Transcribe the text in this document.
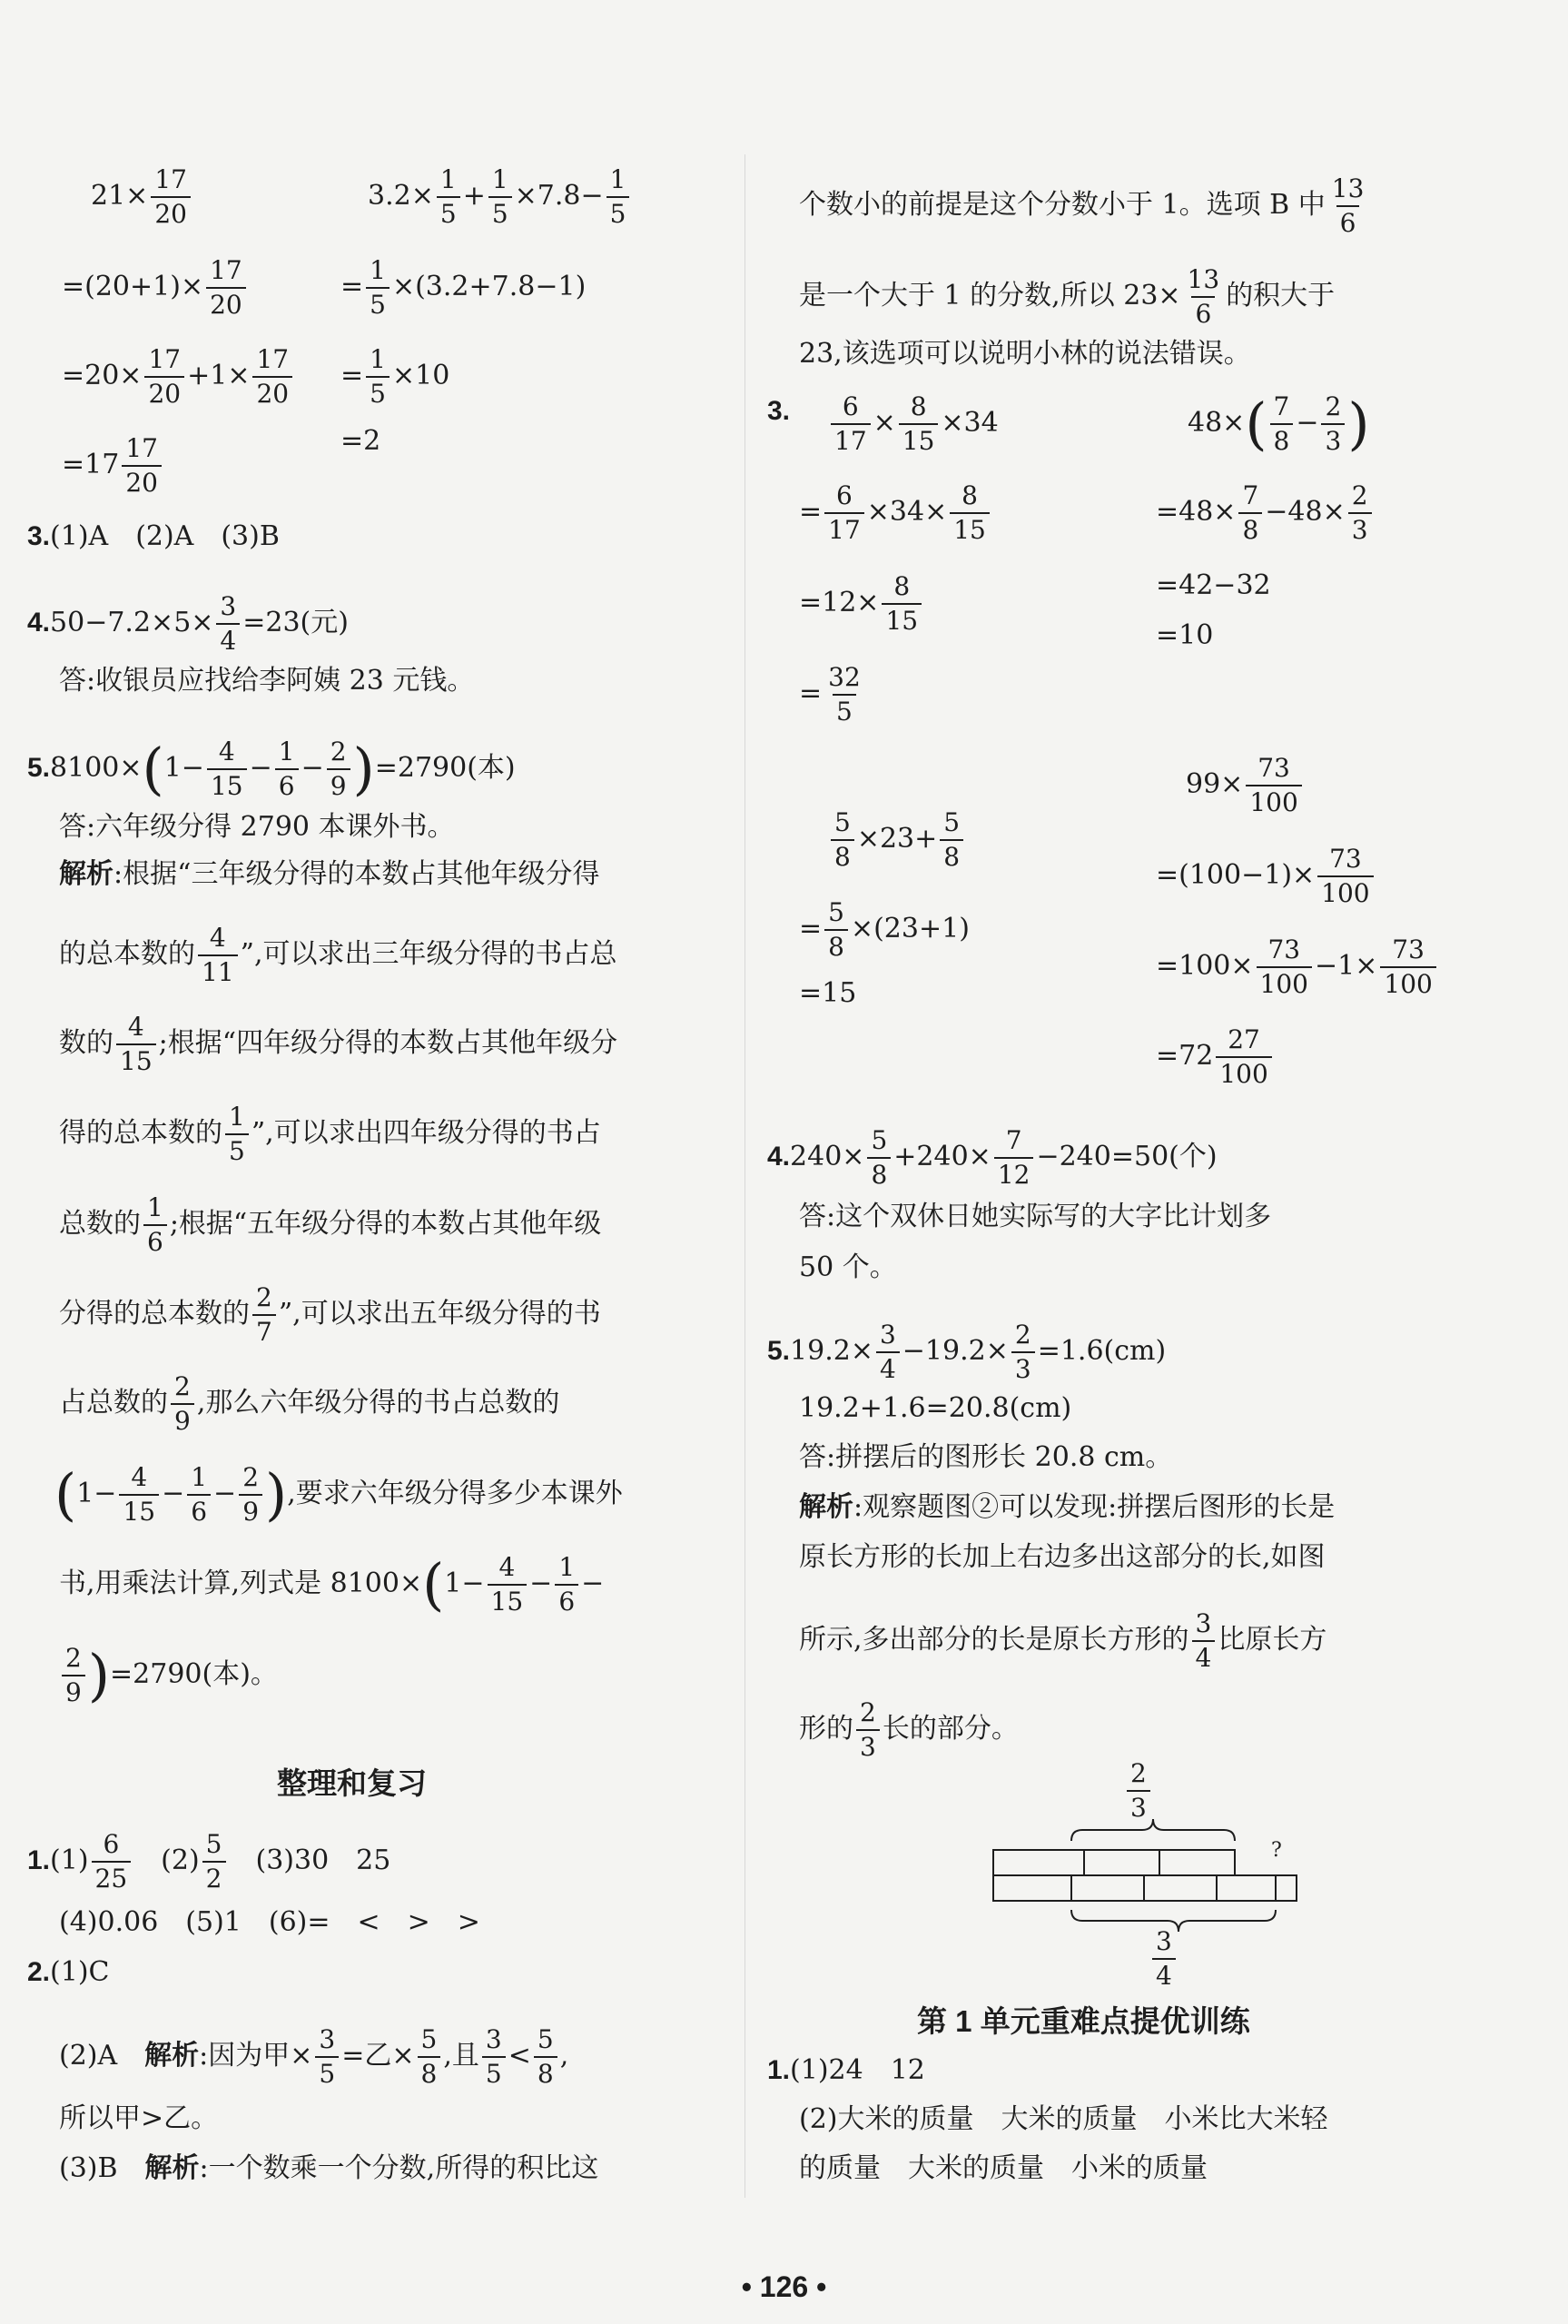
$21\times \frac{17}{20}$
$=(20+1)\times \frac{17}{20}$
$=20\times \frac{17}{20} +1\times \frac{17}{20}$
$=17 \frac{17}{20}$
$3.2\times \frac{1}{5} + \frac{1}{5} \times 7.8- \frac{1}{5}$
= $\frac{1}{5} \times(3.2+7.8-1)$
= $\frac{1}{5} \times 10$
=2
3.(1)A　(2)A　(3)B
$4.50-7.2\times 5\times \frac{3}{4} =23$(元)
答:收银员应找给李阿姨 23 元钱。
$5.8100\times(1- \frac{4}{15} - \frac{1}{6} - \frac{2}{9} )=2790$(本)
答:六年级分得 2790 本课外书。
解析:根据“三年级分得的本数占其他年级分得
的总本数的 $\frac{4}{11}$ ”,可以求出三年级分得的书占总
数的 $\frac{4}{15}$ ;根据“四年级分得的本数占其他年级分
得的总本数的 $\frac{1}{5}$ ”,可以求出四年级分得的书占
总数的 $\frac{1}{6}$ ;根据“五年级分得的本数占其他年级
分得的总本数的 $\frac{2}{7}$ ”,可以求出五年级分得的书
占总数的 $\frac{2}{9}$ ,那么六年级分得的书占总数的
($1- \frac{4}{15} - \frac{1}{6} - \frac{2}{9}$ ),要求六年级分得多少本课外
书,用乘法计算,列式是 $8100\times(1- \frac{4}{15} - \frac{1}{6}$ −
$\frac{2}{9} )=2790$(本)。
整理和复习
$1.(1) \frac{6}{25}$ 　$(2) \frac{5}{2}$ 　(3)30　25
(4)0.06　(5)1　(6)=　<　>　>
2.(1)C
(2)A　解析:因为甲× $\frac{3}{5}$ =乙× $\frac{5}{8}$ ,且 $\frac{3}{5} < \frac{5}{8}$ ,
所以甲>乙。
(3)B　解析:一个数乘一个分数,所得的积比这
个数小的前提是这个分数小于 1。选项 B 中 $\frac{13}{6}$
是一个大于 1 的分数,所以 $23\times \frac{13}{6}$ 的积大于
23,该选项可以说明小林的说法错误。
3. $\frac{6}{17} \times \frac{8}{15} \times 34$
= $\frac{6}{17} \times 34\times \frac{8}{15}$
$=12\times \frac{8}{15}$
= $\frac{32}{5}$
$48\times( \frac{7}{8} - \frac{2}{3}$ )
$=48\times \frac{7}{8} -48\times \frac{2}{3}$
=42−32
=10
$\frac{5}{8} \times 23+ \frac{5}{8}$
= $\frac{5}{8} \times(23+1)$
=15
$99\times \frac{73}{100}$
$=(100-1)\times \frac{73}{100}$
$=100\times \frac{73}{100} -1\times \frac{73}{100}$
$=72 \frac{27}{100}$
$4.240\times \frac{5}{8} +240\times \frac{7}{12} -240=50$(个)
答:这个双休日她实际写的大字比计划多
50 个。
$5.19.2\times \frac{3}{4} -19.2\times \frac{2}{3} =1.6(cm)$
19.2+1.6=20.8(cm)
答:拼摆后的图形长 20.8 cm。
解析:观察题图②可以发现:拼摆后图形的长是
原长方形的长加上右边多出这部分的长,如图
所示,多出部分的长是原长方形的 $\frac{3}{4}$ 比原长方
形的 $\frac{2}{3}$ 长的部分。
$\frac{2}{3}$
?
$\frac{3}{4}$
第 1 单元重难点提优训练
1.(1)24　12
(2)大米的质量　大米的质量　小米比大米轻
的质量　大米的质量　小米的质量
• 126 •
